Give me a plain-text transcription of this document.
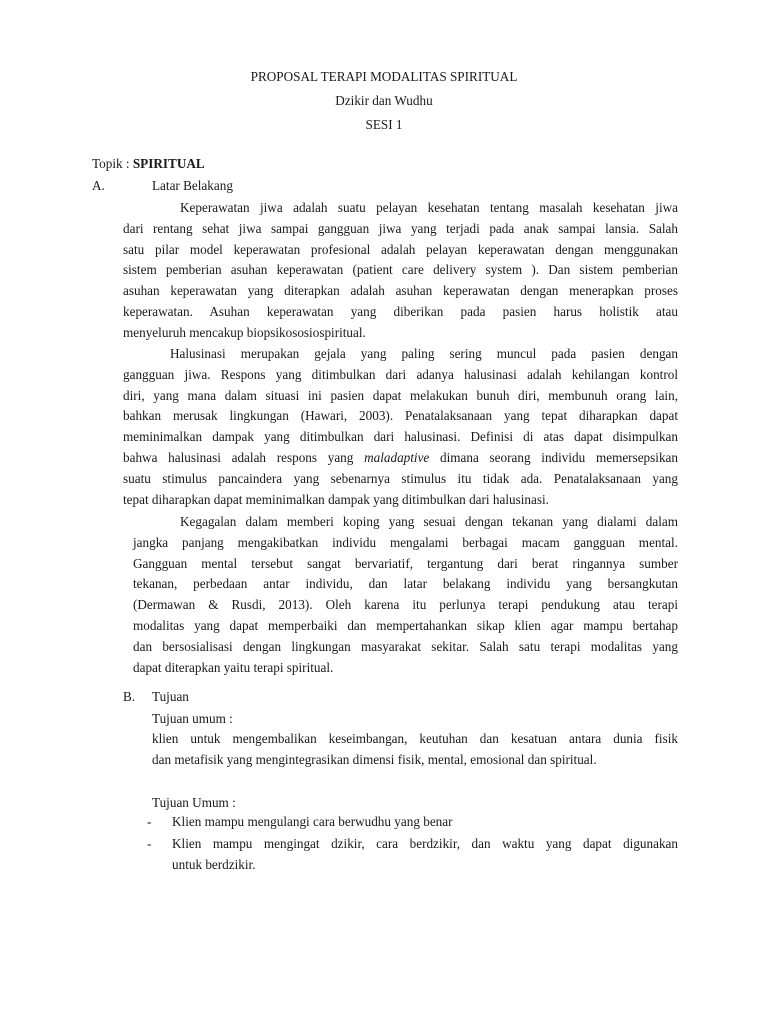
PROPOSAL TERAPI MODALITAS SPIRITUAL
Dzikir dan Wudhu
SESI 1
Topik : SPIRITUAL
A.	Latar Belakang
Keperawatan jiwa adalah suatu pelayan kesehatan tentang masalah kesehatan jiwa
dari rentang sehat jiwa sampai gangguan jiwa yang terjadi pada anak sampai lansia. Salah
satu pilar model keperawatan profesional adalah pelayan keperawatan dengan menggunakan
sistem pemberian asuhan keperawatan (patient care delivery system ). Dan sistem pemberian
asuhan keperawatan yang diterapkan adalah asuhan keperawatan dengan menerapkan proses
keperawatan. Asuhan keperawatan yang diberikan pada pasien harus holistik atau
menyeluruh mencakup biopsikososiospiritual.
Halusinasi merupakan gejala yang paling sering muncul pada pasien dengan
gangguan jiwa. Respons yang ditimbulkan dari adanya halusinasi adalah kehilangan kontrol
diri, yang mana dalam situasi ini pasien dapat melakukan bunuh diri, membunuh orang lain,
bahkan merusak lingkungan (Hawari, 2003). Penatalaksanaan yang tepat diharapkan dapat
meminimalkan dampak yang ditimbulkan dari halusinasi. Definisi di atas dapat disimpulkan
bahwa halusinasi adalah respons yang maladaptive dimana seorang individu memersepsikan
suatu stimulus pancaindera yang sebenarnya stimulus itu tidak ada. Penatalaksanaan yang
tepat diharapkan dapat meminimalkan dampak yang ditimbulkan dari halusinasi.
Kegagalan dalam memberi koping yang sesuai dengan tekanan yang dialami dalam
jangka panjang mengakibatkan individu mengalami berbagai macam gangguan mental.
Gangguan mental tersebut sangat bervariatif, tergantung dari berat ringannya sumber
tekanan, perbedaan antar individu, dan latar belakang individu yang bersangkutan
(Dermawan & Rusdi, 2013). Oleh karena itu perlunya terapi pendukung atau terapi
modalitas yang dapat memperbaiki dan mempertahankan sikap klien agar mampu bertahap
dan bersosialisasi dengan lingkungan masyarakat sekitar. Salah satu terapi modalitas yang
dapat diterapkan yaitu terapi spiritual.
B. Tujuan
Tujuan umum :
klien untuk mengembalikan keseimbangan, keutuhan dan kesatuan antara dunia fisik
dan metafisik yang mengintegrasikan dimensi fisik, mental, emosional dan spiritual.
Tujuan Umum :
- Klien mampu mengulangi cara berwudhu yang benar
- Klien mampu mengingat dzikir, cara berdzikir, dan waktu yang dapat digunakan
untuk berdzikir.
